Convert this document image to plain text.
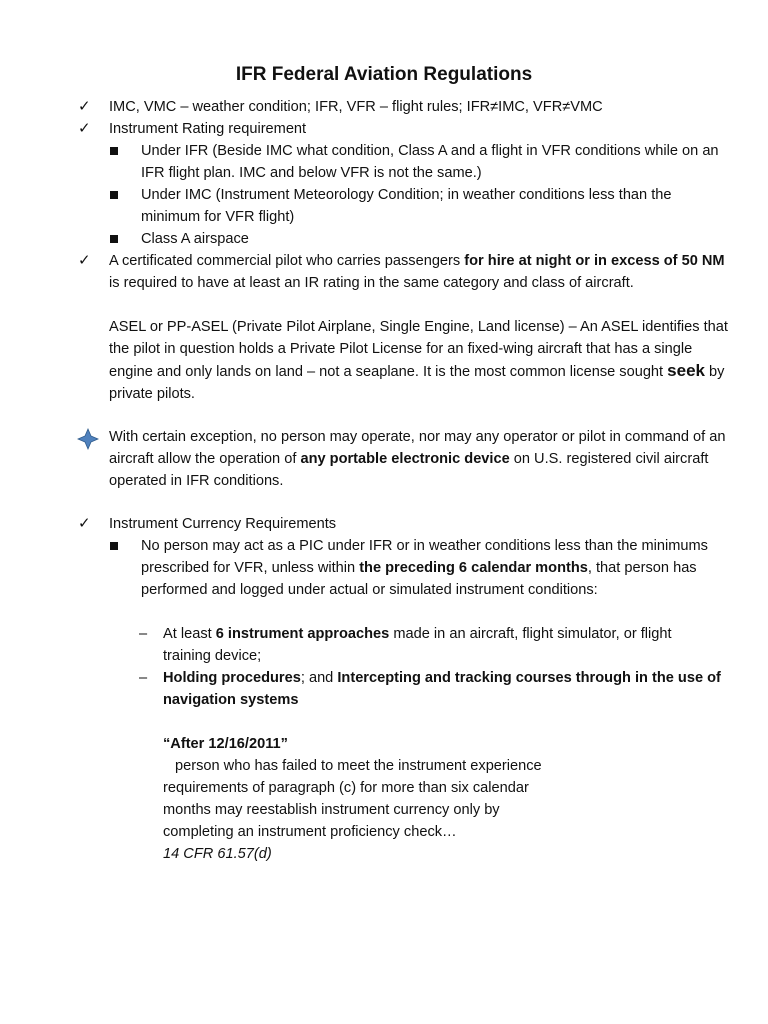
IFR Federal Aviation Regulations
✓ IMC, VMC – weather condition; IFR, VFR – flight rules; IFR≠IMC, VFR≠VMC
✓ Instrument Rating requirement
Under IFR (Beside IMC what condition, Class A and a flight in VFR conditions while on an IFR flight plan. IMC and below VFR is not the same.)
Under IMC (Instrument Meteorology Condition; in weather conditions less than the minimum for VFR flight)
Class A airspace
✓ A certificated commercial pilot who carries passengers for hire at night or in excess of 50 NM is required to have at least an IR rating in the same category and class of aircraft.
ASEL or PP-ASEL (Private Pilot Airplane, Single Engine, Land license) – An ASEL identifies that the pilot in question holds a Private Pilot License for an fixed-wing aircraft that has a single engine and only lands on land – not a seaplane. It is the most common license sought seek by private pilots.
With certain exception, no person may operate, nor may any operator or pilot in command of an aircraft allow the operation of any portable electronic device on U.S. registered civil aircraft operated in IFR conditions.
✓ Instrument Currency Requirements
No person may act as a PIC under IFR or in weather conditions less than the minimums prescribed for VFR, unless within the preceding 6 calendar months, that person has performed and logged under actual or simulated instrument conditions:
– At least 6 instrument approaches made in an aircraft, flight simulator, or flight training device;
– Holding procedures; and Intercepting and tracking courses through in the use of navigation systems
“After 12/16/2011”
person who has failed to meet the instrument experience
requirements of paragraph (c) for more than six calendar
months may reestablish instrument currency only by
completing an instrument proficiency check…
14 CFR 61.57(d)
